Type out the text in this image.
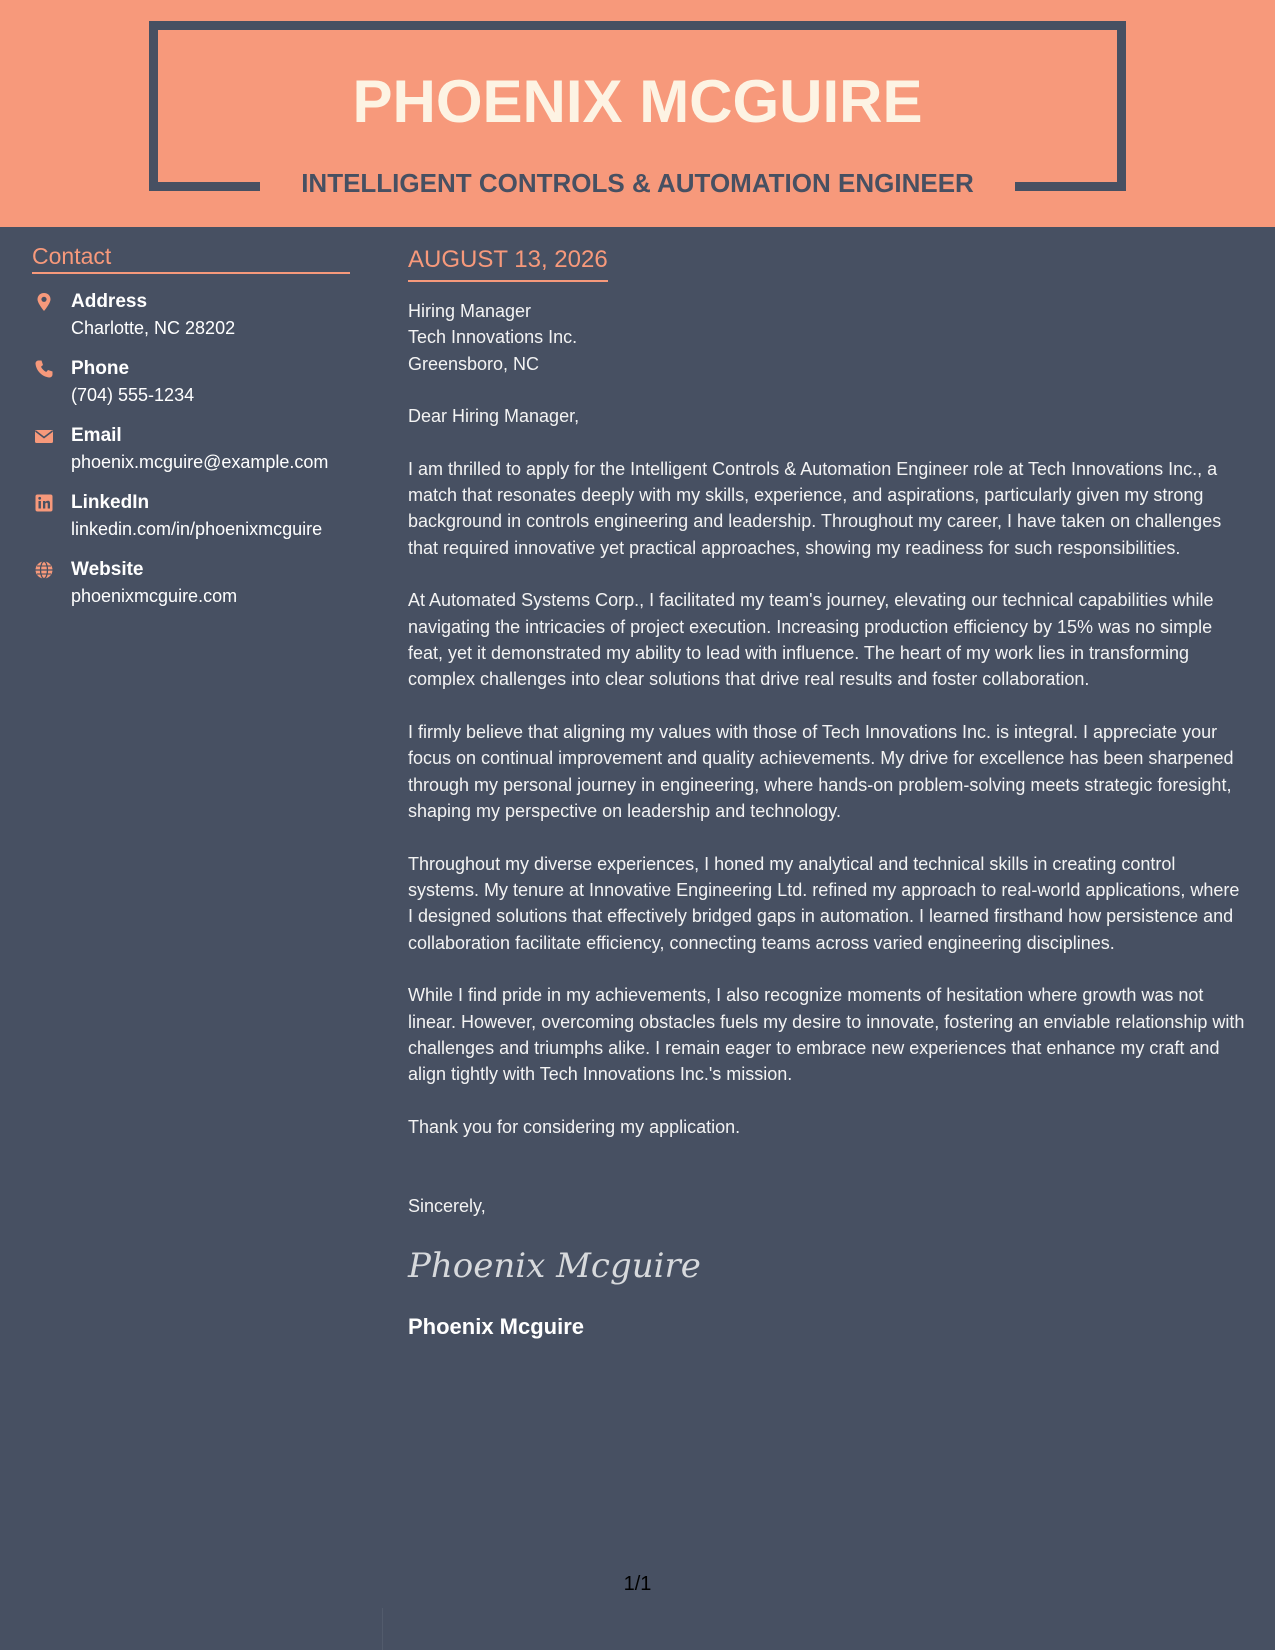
PHOENIX MCGUIRE
INTELLIGENT CONTROLS & AUTOMATION ENGINEER
Contact
Address
Charlotte, NC 28202
Phone
(704) 555-1234
Email
phoenix.mcguire@example.com
LinkedIn
linkedin.com/in/phoenixmcguire
Website
phoenixmcguire.com
AUGUST 13, 2026
Hiring Manager
Tech Innovations Inc.
Greensboro, NC
Dear Hiring Manager,
I am thrilled to apply for the Intelligent Controls & Automation Engineer role at Tech Innovations Inc., a match that resonates deeply with my skills, experience, and aspirations, particularly given my strong background in controls engineering and leadership. Throughout my career, I have taken on challenges that required innovative yet practical approaches, showing my readiness for such responsibilities.
At Automated Systems Corp., I facilitated my team's journey, elevating our technical capabilities while navigating the intricacies of project execution. Increasing production efficiency by 15% was no simple feat, yet it demonstrated my ability to lead with influence. The heart of my work lies in transforming complex challenges into clear solutions that drive real results and foster collaboration.
I firmly believe that aligning my values with those of Tech Innovations Inc. is integral. I appreciate your focus on continual improvement and quality achievements. My drive for excellence has been sharpened through my personal journey in engineering, where hands-on problem-solving meets strategic foresight, shaping my perspective on leadership and technology.
Throughout my diverse experiences, I honed my analytical and technical skills in creating control systems. My tenure at Innovative Engineering Ltd. refined my approach to real-world applications, where I designed solutions that effectively bridged gaps in automation. I learned firsthand how persistence and collaboration facilitate efficiency, connecting teams across varied engineering disciplines.
While I find pride in my achievements, I also recognize moments of hesitation where growth was not linear. However, overcoming obstacles fuels my desire to innovate, fostering an enviable relationship with challenges and triumphs alike. I remain eager to embrace new experiences that enhance my craft and align tightly with Tech Innovations Inc.'s mission.
Thank you for considering my application.
Sincerely,
Phoenix Mcguire
Phoenix Mcguire
1/1
